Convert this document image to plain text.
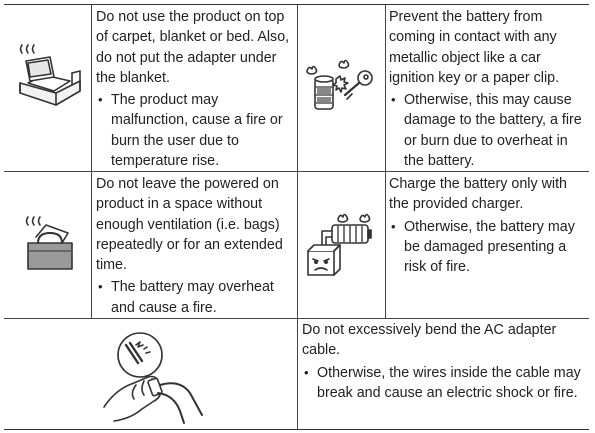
Do not use the product on top of carpet, blanket or bed. Also, do not put the adapter under the blanket.

• The product may malfunction, cause a fire or burn the user due to temperature rise.

Prevent the battery from coming in contact with any metallic object like a car ignition key or a paper clip.

• Otherwise, this may cause damage to the battery, a fire or burn due to overheat in the battery.

Do not leave the powered on product in a space without enough ventilation (i.e. bags) repeatedly or for an extended time.

• The battery may overheat and cause a fire.

Charge the battery only with the provided charger.

• Otherwise, the battery may be damaged presenting a risk of fire.

Do not excessively bend the AC adapter cable.

• Otherwise, the wires inside the cable may break and cause an electric shock or fire.
